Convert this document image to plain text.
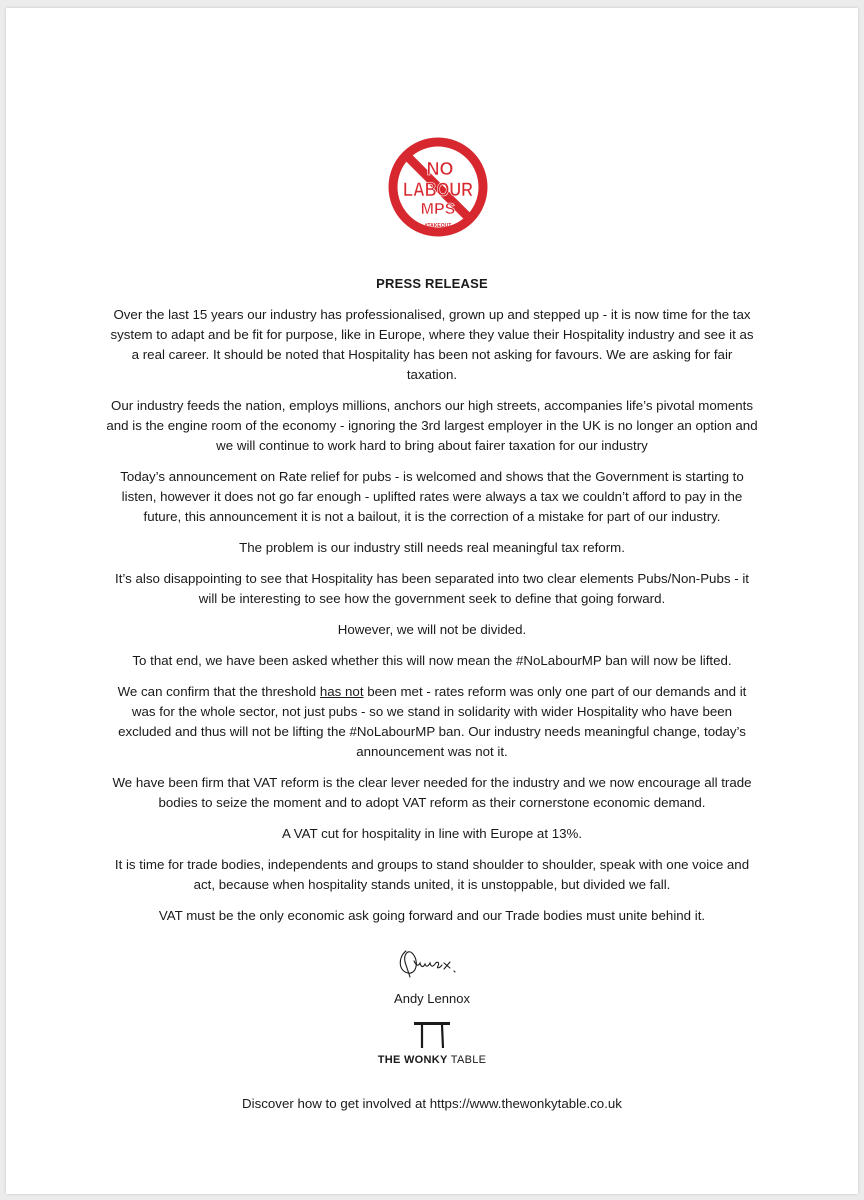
NO
LABOUR
MPS
#TAKEOUT
PRESS RELEASE

Over the last 15 years our industry has professionalised, grown up and stepped up - it is now time for the tax system to adapt and be fit for purpose, like in Europe, where they value their Hospitality industry and see it as a real career. It should be noted that Hospitality has been not asking for favours. We are asking for fair taxation.

Our industry feeds the nation, employs millions, anchors our high streets, accompanies life’s pivotal moments and is the engine room of the economy - ignoring the 3rd largest employer in the UK is no longer an option and we will continue to work hard to bring about fairer taxation for our industry

Today’s announcement on Rate relief for pubs - is welcomed and shows that the Government is starting to listen, however it does not go far enough - uplifted rates were always a tax we couldn’t afford to pay in the future, this announcement it is not a bailout, it is the correction of a mistake for part of our industry.

The problem is our industry still needs real meaningful tax reform.

It’s also disappointing to see that Hospitality has been separated into two clear elements Pubs/Non-Pubs - it will be interesting to see how the government seek to define that going forward.

However, we will not be divided.

To that end, we have been asked whether this will now mean the #NoLabourMP ban will now be lifted.

We can confirm that the threshold has not been met - rates reform was only one part of our demands and it was for the whole sector, not just pubs - so we stand in solidarity with wider Hospitality who have been excluded and thus will not be lifting the #NoLabourMP ban. Our industry needs meaningful change, today’s announcement was not it.

We have been firm that VAT reform is the clear lever needed for the industry and we now encourage all trade bodies to seize the moment and to adopt VAT reform as their cornerstone economic demand.

A VAT cut for hospitality in line with Europe at 13%.

It is time for trade bodies, independents and groups to stand shoulder to shoulder, speak with one voice and act, because when hospitality stands united, it is unstoppable, but divided we fall.

VAT must be the only economic ask going forward and our Trade bodies must unite behind it.

Andy Lennox
THE WONKY TABLE
Discover how to get involved at https://www.thewonkytable.co.uk
